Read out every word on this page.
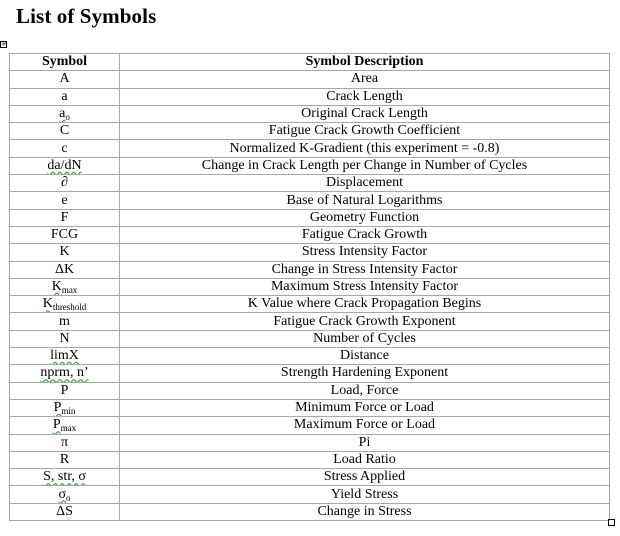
List of Symbols
+
Symbol	Symbol Description
A	Area
a	Crack Length
$a_o$	Original Crack Length
C	Fatigue Crack Growth Coefficient
c	Normalized K-Gradient (this experiment = -0.8)
da/dN	Change in Crack Length per Change in Number of Cycles
∂	Displacement
e	Base of Natural Logarithms
F	Geometry Function
FCG	Fatigue Crack Growth
K	Stress Intensity Factor
ΔK	Change in Stress Intensity Factor
$K_{max}$	Maximum Stress Intensity Factor
$K_{threshold}$	K Value where Crack Propagation Begins
m	Fatigue Crack Growth Exponent
N	Number of Cycles
limX	Distance
nprm, n’	Strength Hardening Exponent
P	Load, Force
$P_{min}$	Minimum Force or Load
$P_{max}$	Maximum Force or Load
π	Pi
R	Load Ratio
S, str, σ	Stress Applied
$\sigma_o$	Yield Stress
ΔS	Change in Stress
